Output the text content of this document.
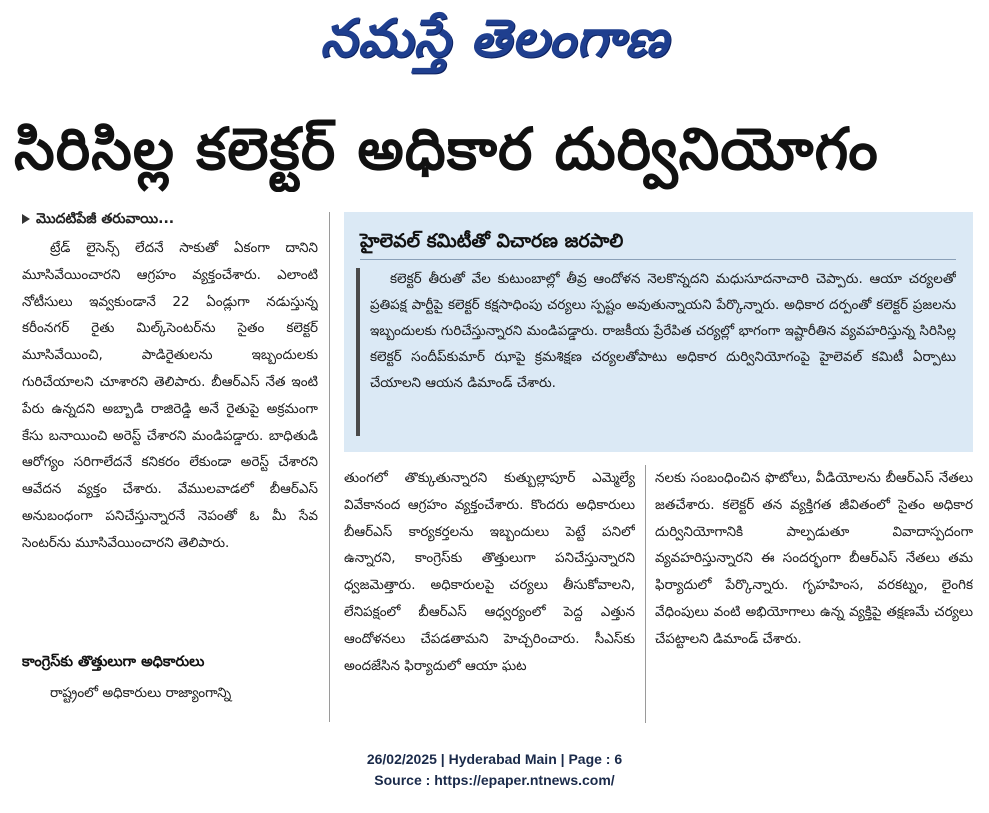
నమస్తే తెలంగాణ
సిరిసిల్ల కలెక్టర్ అధికార దుర్వినియోగం
మొదటిపేజీ తరువాయి...
ట్రేడ్ లైసెన్స్ లేదనే సాకుతో ఏకంగా దానిని మూసివేయించారని ఆగ్రహం వ్యక్తంచేశారు. ఎలాంటి నోటీసులు ఇవ్వకుండానే 22 ఏండ్లుగా నడుస్తున్న కరీంనగర్ రైతు మిల్క్‌సెంటర్‌ను సైతం కలెక్టర్ మూసివేయించి, పాడిరైతులను ఇబ్బందులకు గురిచేయాలని చూశారని తెలిపారు. బీఆర్‌ఎస్ నేత ఇంటి పేరు ఉన్నదని అబ్బాడి రాజిరెడ్డి అనే రైతుపై అక్రమంగా కేసు బనాయించి అరెస్ట్ చేశారని మండిపడ్డారు. బాధితుడి ఆరోగ్యం సరిగాలేదనే కనికరం లేకుండా అరెస్ట్ చేశారని ఆవేదన వ్యక్తం చేశారు. వేములవాడలో బీఆర్‌ఎస్ అనుబంధంగా పనిచేస్తున్నారనే నెపంతో ఓ మీ సేవ సెంటర్‌ను మూసివేయించారని తెలిపారు.
కాంగ్రెస్‌కు తొత్తులుగా అధికారులు
రాష్ట్రంలో అధికారులు రాజ్యాంగాన్ని
హైలెవల్ కమిటీతో విచారణ జరపాలి
కలెక్టర్ తీరుతో వేల కుటుంబాల్లో తీవ్ర ఆందోళన నెలకొన్నదని మధుసూదనాచారి చెప్పారు. ఆయా చర్యలతో ప్రతిపక్ష పార్టీపై కలెక్టర్ కక్షసాధింపు చర్యలు స్పష్టం అవుతున్నాయని పేర్కొన్నారు. అధికార దర్పంతో కలెక్టర్ ప్రజలను ఇబ్బందులకు గురిచేస్తున్నారని మండిపడ్డారు. రాజకీయ ప్రేరేపిత చర్యల్లో భాగంగా ఇష్టారీతిన వ్యవహరిస్తున్న సిరిసిల్ల కలెక్టర్ సందీప్‌కుమార్ ఝాపై క్రమశిక్షణ చర్యలతోపాటు అధికార దుర్వినియోగంపై హైలెవల్ కమిటీ ఏర్పాటు చేయాలని ఆయన డిమాండ్ చేశారు.
తుంగలో తొక్కుతున్నారని కుత్బుల్లాపూర్ ఎమ్మెల్యే వివేకానంద ఆగ్రహం వ్యక్తంచేశారు. కొందరు అధికారులు బీఆర్‌ఎస్ కార్యకర్తలను ఇబ్బందులు పెట్టే పనిలో ఉన్నారని, కాంగ్రెస్‌కు తొత్తులుగా పనిచేస్తున్నారని ధ్వజమెత్తారు. అధికారులపై చర్యలు తీసుకోవాలని, లేనిపక్షంలో బీఆర్‌ఎస్ ఆధ్వర్యంలో పెద్ద ఎత్తున ఆందోళనలు చేపడతామని హెచ్చరించారు. సీఎస్‌కు అందజేసిన ఫిర్యాదులో ఆయా ఘట
నలకు సంబంధించిన ఫొటోలు, వీడియోలను బీఆర్‌ఎస్ నేతలు జతచేశారు. కలెక్టర్ తన వ్యక్తిగత జీవితంలో సైతం అధికార దుర్వినియోగానికి పాల్పడుతూ వివాదాస్పదంగా వ్యవహరిస్తున్నారని ఈ సందర్భంగా బీఆర్‌ఎస్ నేతలు తమ ఫిర్యాదులో పేర్కొన్నారు. గృహహింస, వరకట్నం, లైంగిక వేధింపులు వంటి అభియోగాలు ఉన్న వ్యక్తిపై తక్షణమే చర్యలు చేపట్టాలని డిమాండ్ చేశారు.
26/02/2025 | Hyderabad Main | Page : 6
Source : https://epaper.ntnews.com/
